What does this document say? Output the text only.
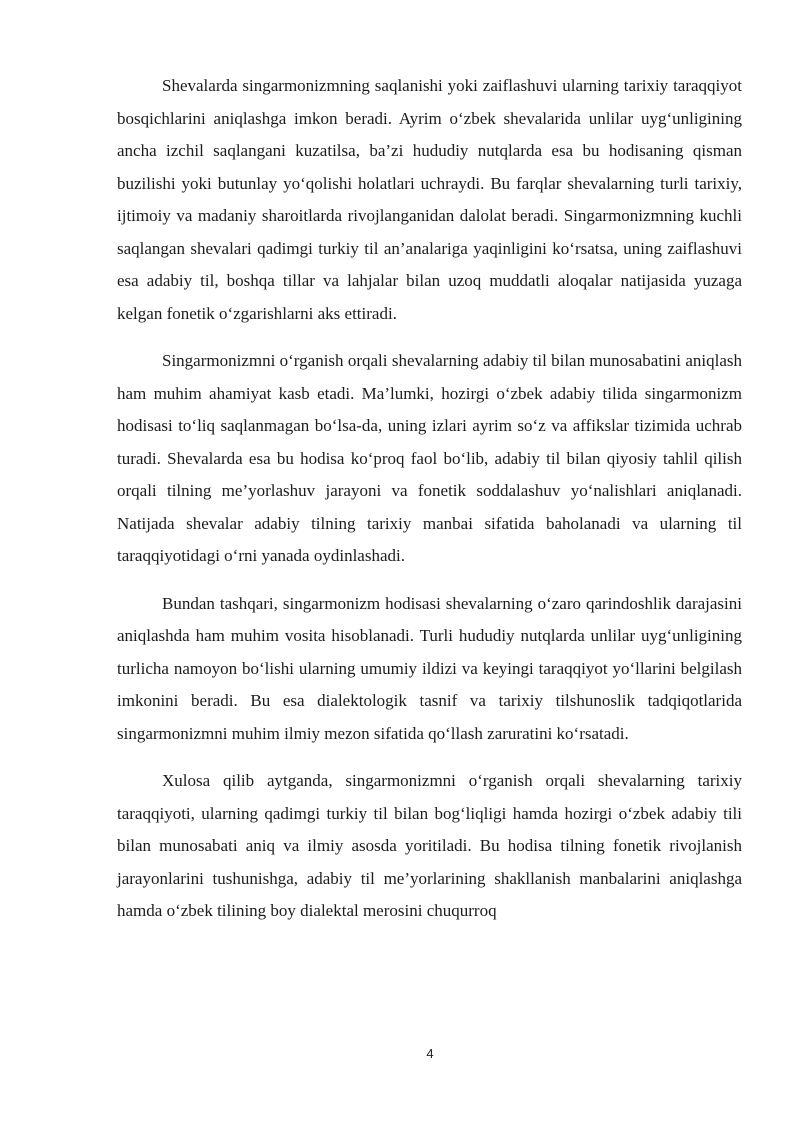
Shevalarda singarmonizmning saqlanishi yoki zaiflashuvi ularning tarixiy taraqqiyot bosqichlarini aniqlashga imkon beradi. Ayrim o‘zbek shevalarida unlilar uyg‘unligining ancha izchil saqlangani kuzatilsa, ba’zi hududiy nutqlarda esa bu hodisaning qisman buzilishi yoki butunlay yo‘qolishi holatlari uchraydi. Bu farqlar shevalarning turli tarixiy, ijtimoiy va madaniy sharoitlarda rivojlanganidan dalolat beradi. Singarmonizmning kuchli saqlangan shevalari qadimgi turkiy til an’analariga yaqinligini ko‘rsatsa, uning zaiflashuvi esa adabiy til, boshqa tillar va lahjalar bilan uzoq muddatli aloqalar natijasida yuzaga kelgan fonetik o‘zgarishlarni aks ettiradi.

Singarmonizmni o‘rganish orqali shevalarning adabiy til bilan munosabatini aniqlash ham muhim ahamiyat kasb etadi. Ma’lumki, hozirgi o‘zbek adabiy tilida singarmonizm hodisasi to‘liq saqlanmagan bo‘lsa-da, uning izlari ayrim so‘z va affikslar tizimida uchrab turadi. Shevalarda esa bu hodisa ko‘proq faol bo‘lib, adabiy til bilan qiyosiy tahlil qilish orqali tilning me’yorlashuv jarayoni va fonetik soddalashuv yo‘nalishlari aniqlanadi. Natijada shevalar adabiy tilning tarixiy manbai sifatida baholanadi va ularning til taraqqiyotidagi o‘rni yanada oydinlashadi.

Bundan tashqari, singarmonizm hodisasi shevalarning o‘zaro qarindoshlik darajasini aniqlashda ham muhim vosita hisoblanadi. Turli hududiy nutqlarda unlilar uyg‘unligining turlicha namoyon bo‘lishi ularning umumiy ildizi va keyingi taraqqiyot yo‘llarini belgilash imkonini beradi. Bu esa dialektologik tasnif va tarixiy tilshunoslik tadqiqotlarida singarmonizmni muhim ilmiy mezon sifatida qo‘llash zaruratini ko‘rsatadi.

Xulosa qilib aytganda, singarmonizmni o‘rganish orqali shevalarning tarixiy taraqqiyoti, ularning qadimgi turkiy til bilan bog‘liqligi hamda hozirgi o‘zbek adabiy tili bilan munosabati aniq va ilmiy asosda yoritiladi. Bu hodisa tilning fonetik rivojlanish jarayonlarini tushunishga, adabiy til me’yorlarining shakllanish manbalarini aniqlashga hamda o‘zbek tilining boy dialektal merosini chuqurroq

4
